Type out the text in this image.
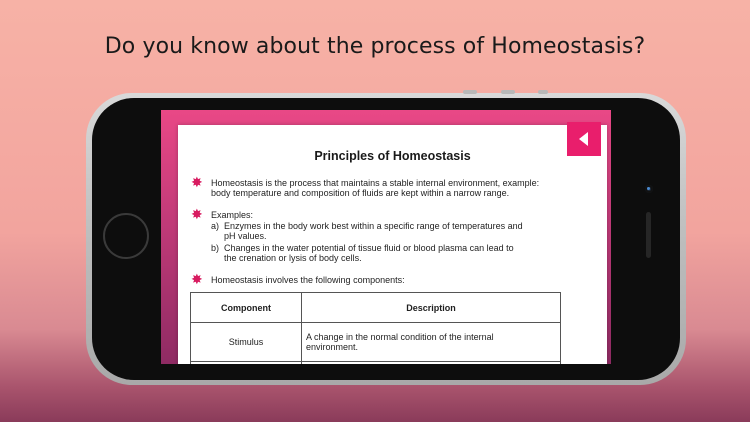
Do you know about the process of Homeostasis?
Principles of Homeostasis
✸ Homeostasis is the process that maintains a stable internal environment, example:
body temperature and composition of fluids are kept within a narrow range.
✸ Examples:
a) Enzymes in the body work best within a specific range of temperatures and
pH values.
b) Changes in the water potential of tissue fluid or blood plasma can lead to
the crenation or lysis of body cells.
✸ Homeostasis involves the following components:
Component	Description
Stimulus	A change in the normal condition of the internal
environment.
